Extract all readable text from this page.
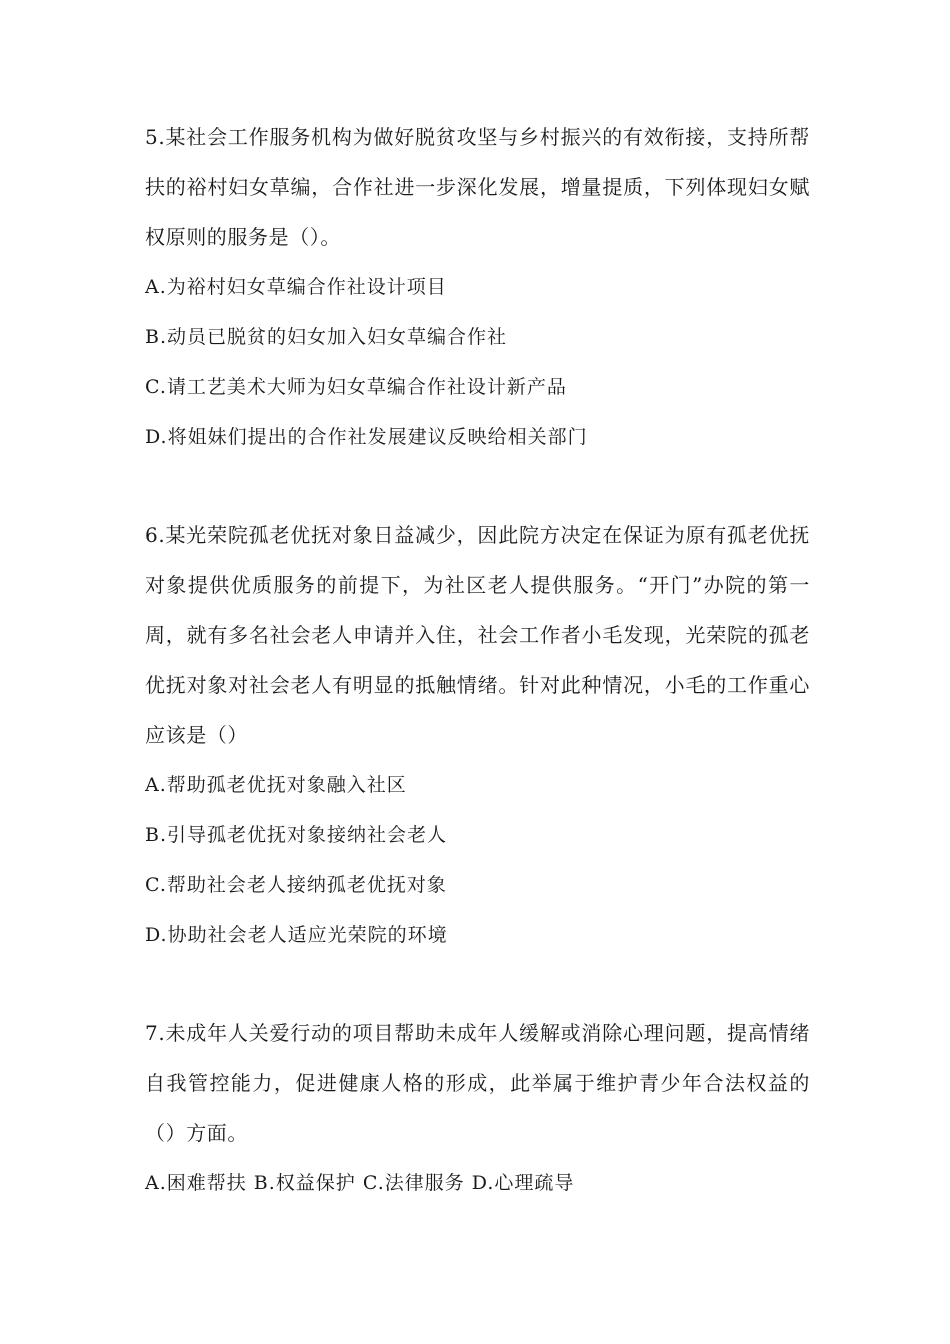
5.某社会工作服务机构为做好脱贫攻坚与乡村振兴的有效衔接，支持所帮扶的裕村妇女草编，合作社进一步深化发展，增量提质，下列体现妇女赋权原则的服务是（）。

A.为裕村妇女草编合作社设计项目

B.动员已脱贫的妇女加入妇女草编合作社

C.请工艺美术大师为妇女草编合作社设计新产品

D.将姐妹们提出的合作社发展建议反映给相关部门

6.某光荣院孤老优抚对象日益减少，因此院方决定在保证为原有孤老优抚对象提供优质服务的前提下，为社区老人提供服务。“开门”办院的第一周，就有多名社会老人申请并入住，社会工作者小毛发现，光荣院的孤老优抚对象对社会老人有明显的抵触情绪。针对此种情况，小毛的工作重心应该是（）

A.帮助孤老优抚对象融入社区

B.引导孤老优抚对象接纳社会老人

C.帮助社会老人接纳孤老优抚对象

D.协助社会老人适应光荣院的环境

7.未成年人关爱行动的项目帮助未成年人缓解或消除心理问题，提高情绪自我管控能力，促进健康人格的形成，此举属于维护青少年合法权益的（）方面。

A.困难帮扶 B.权益保护 C.法律服务 D.心理疏导
